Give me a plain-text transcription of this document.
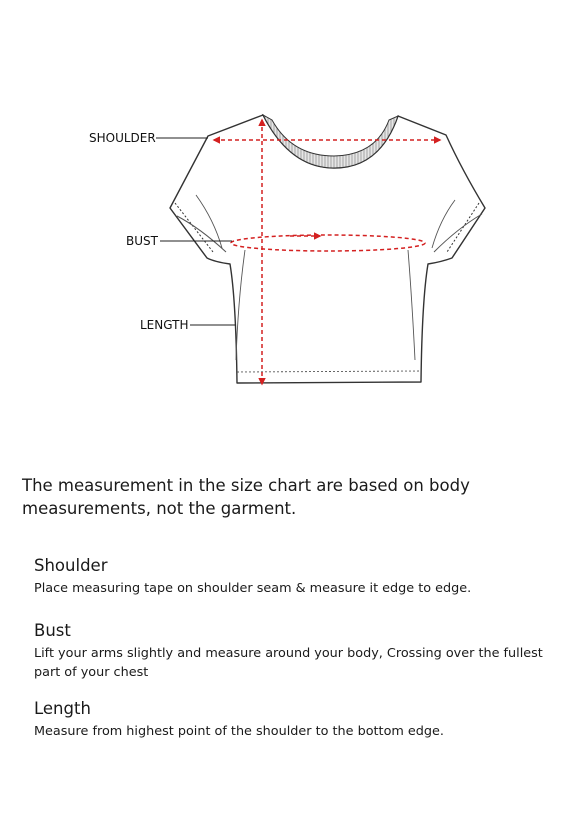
SHOULDER
BUST
LENGTH

The measurement in the size chart are based on body measurements, not the garment.

Shoulder

Place measuring tape on shoulder seam & measure it edge to edge.

Bust

Lift your arms slightly and measure around your body, Crossing over the fullest part of your chest

Length

Measure from highest point of the shoulder to the bottom edge.
